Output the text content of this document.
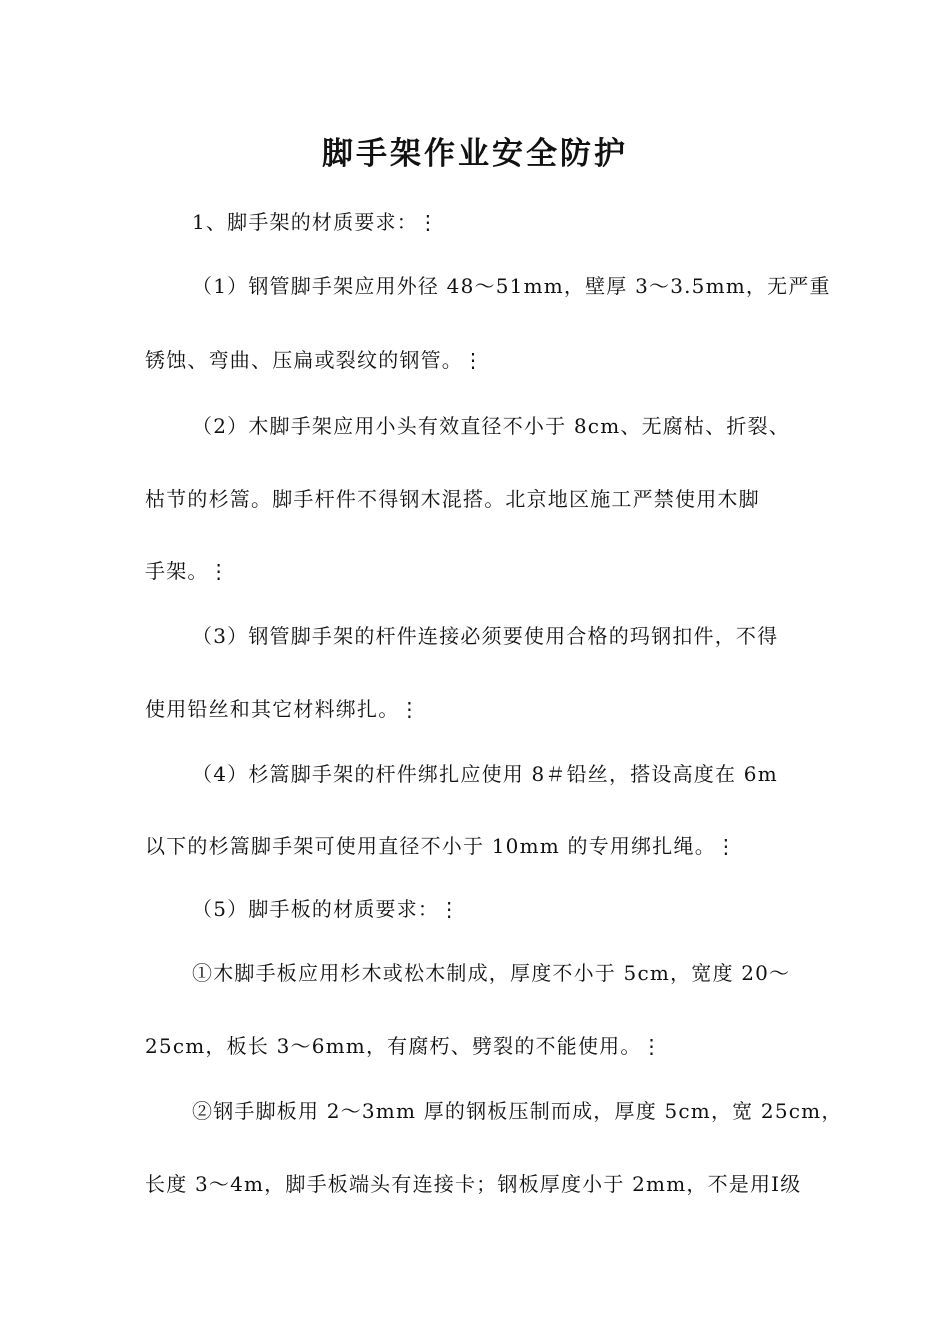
脚手架作业安全防护
1、脚手架的材质要求：⋮
（1）钢管脚手架应用外径 48～51mm，壁厚 3～3.5mm，无严重
锈蚀、弯曲、压扁或裂纹的钢管。⋮
（2）木脚手架应用小头有效直径不小于 8cm、无腐枯、折裂、
枯节的杉篙。脚手杆件不得钢木混搭。北京地区施工严禁使用木脚
手架。⋮
（3）钢管脚手架的杆件连接必须要使用合格的玛钢扣件，不得
使用铅丝和其它材料绑扎。⋮
（4）杉篙脚手架的杆件绑扎应使用 8＃铅丝，搭设高度在 6m
以下的杉篙脚手架可使用直径不小于 10mm 的专用绑扎绳。⋮
（5）脚手板的材质要求：⋮
①木脚手板应用杉木或松木制成，厚度不小于 5cm，宽度 20～
25cm，板长 3～6mm，有腐朽、劈裂的不能使用。⋮
②钢手脚板用 2～3mm 厚的钢板压制而成，厚度 5cm，宽 25cm，
长度 3～4m，脚手板端头有连接卡；钢板厚度小于 2mm，不是用Ⅰ级
